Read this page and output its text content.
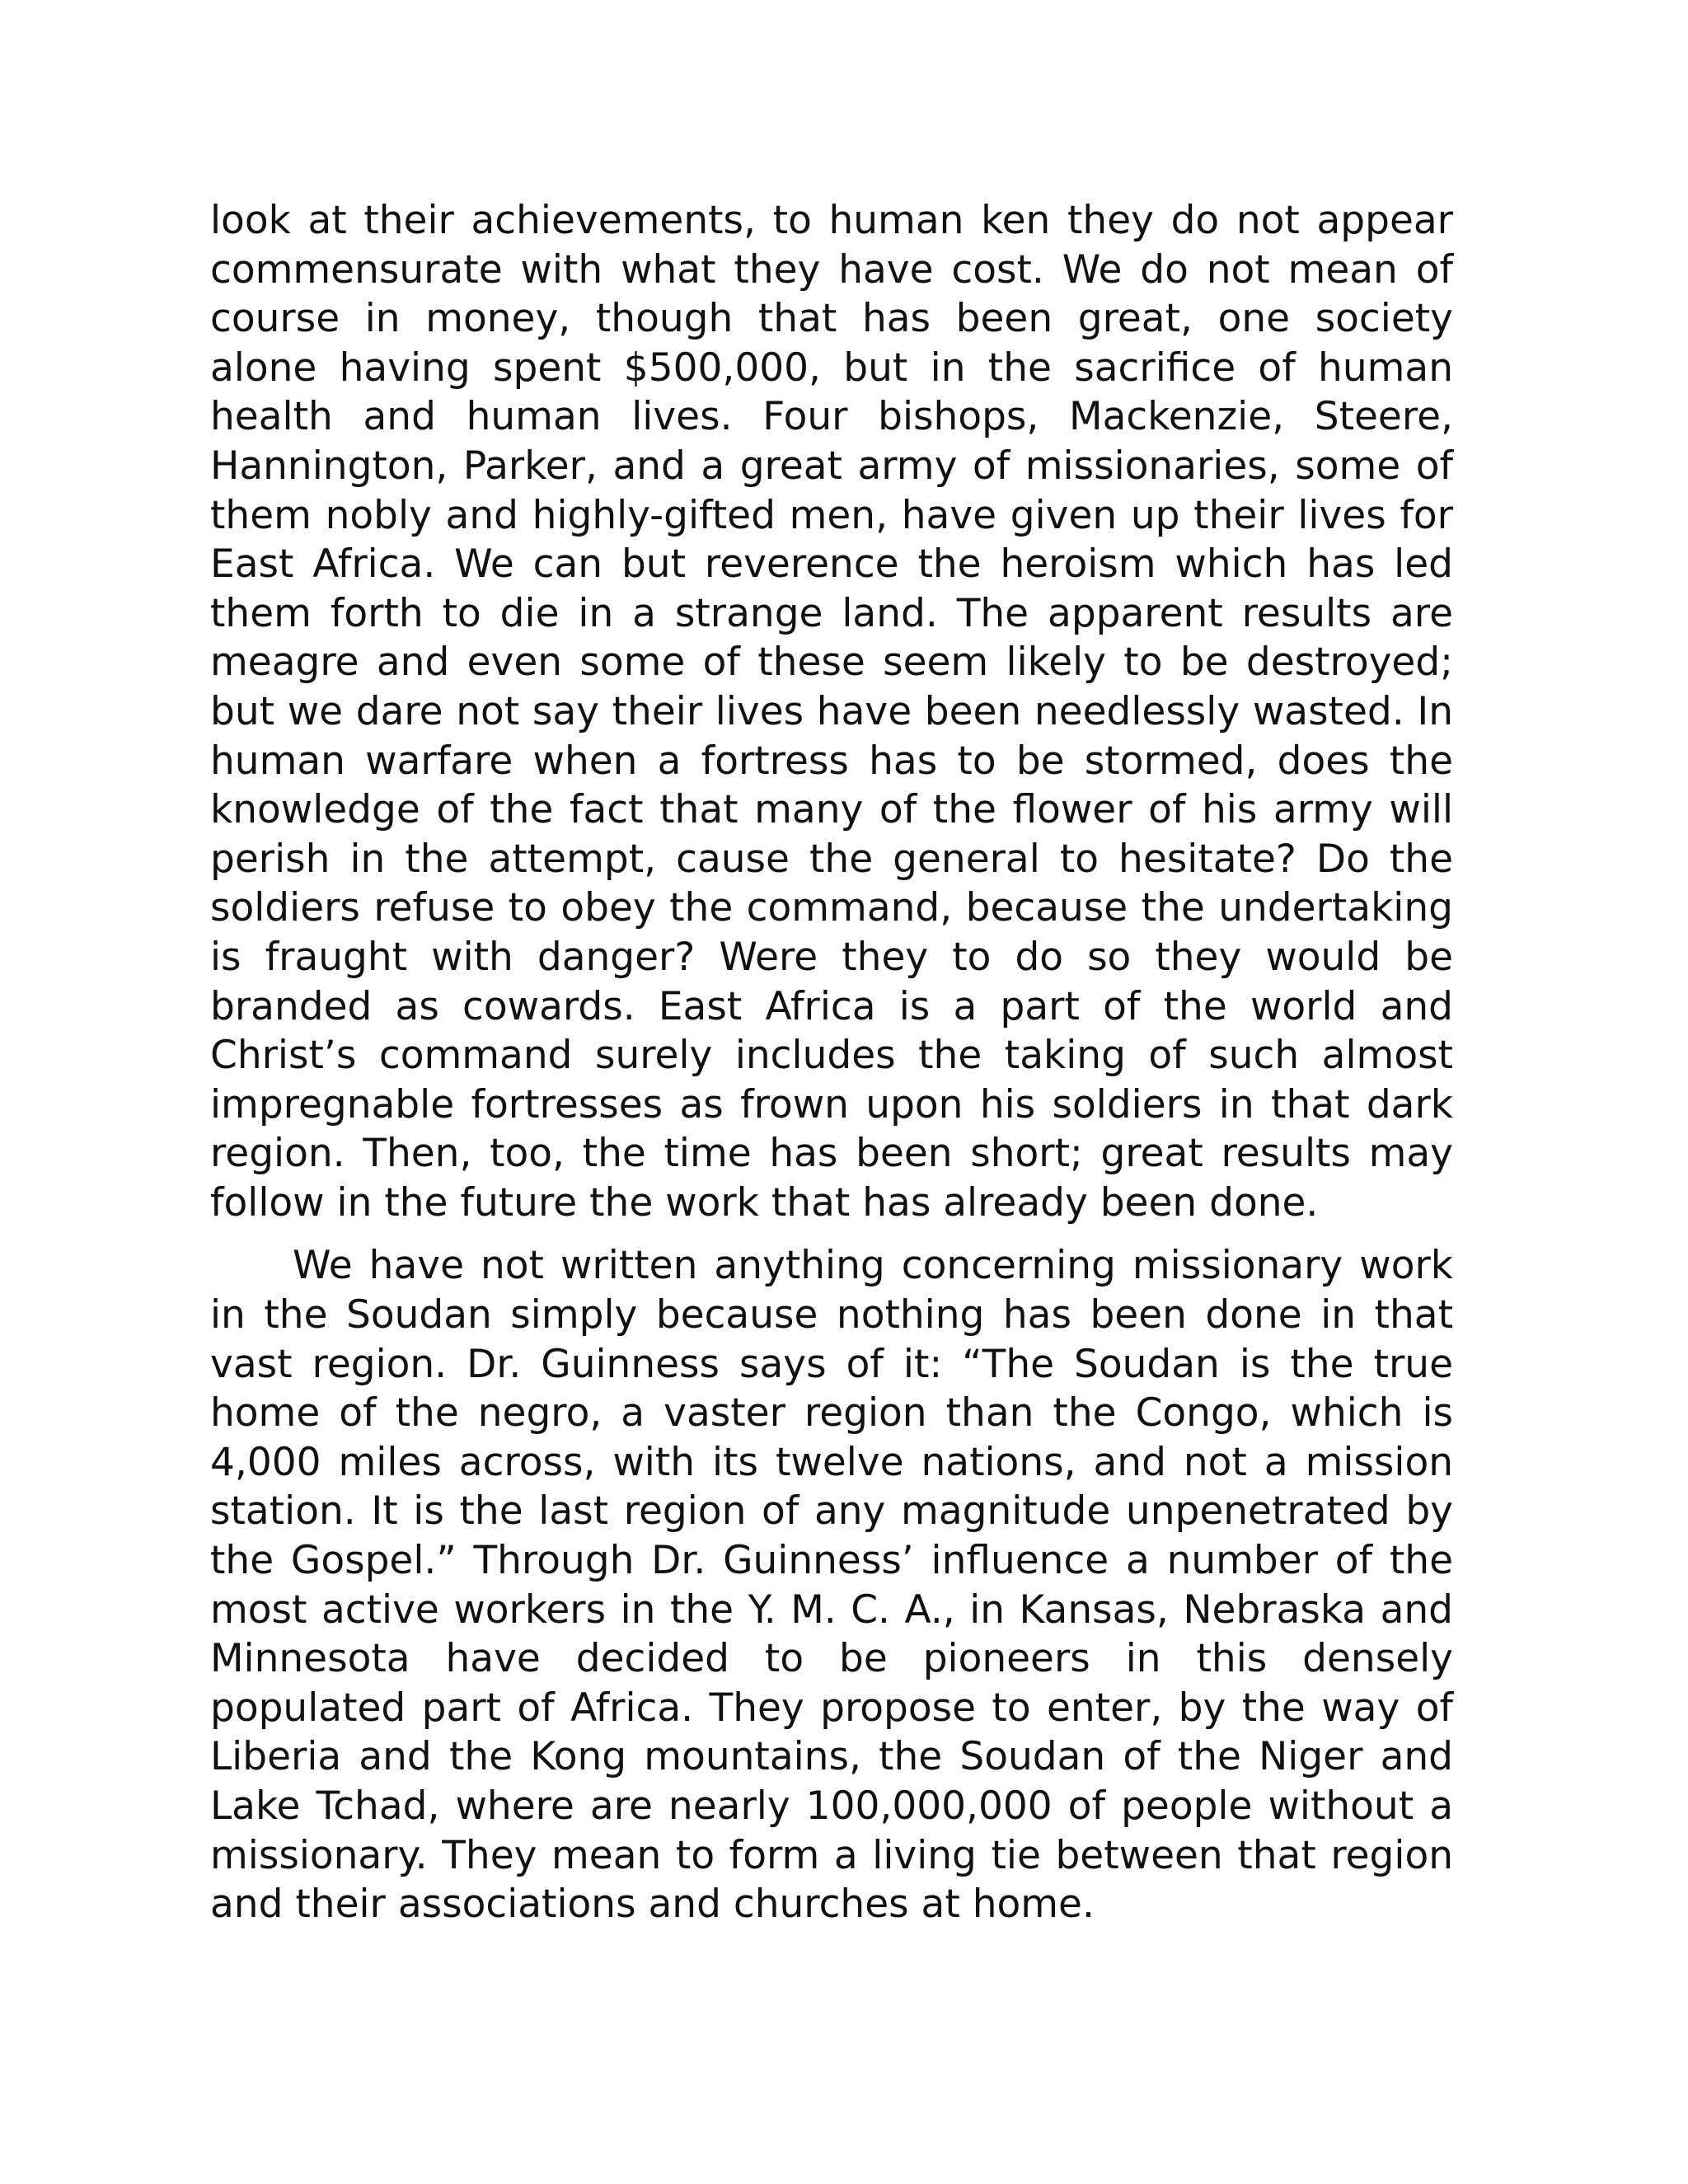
look at their achievements, to human ken they do not appear commensurate with what they have cost. We do not mean of course in money, though that has been great, one society alone having spent $500,000, but in the sacrifice of human health and human lives. Four bishops, Mackenzie, Steere, Hannington, Parker, and a great army of missionaries, some of them nobly and highly-gifted men, have given up their lives for East Africa. We can but reverence the heroism which has led them forth to die in a strange land. The apparent results are meagre and even some of these seem likely to be destroyed; but we dare not say their lives have been needlessly wasted. In human warfare when a fortress has to be stormed, does the knowledge of the fact that many of the flower of his army will perish in the attempt, cause the general to hesitate? Do the soldiers refuse to obey the command, because the undertaking is fraught with danger? Were they to do so they would be branded as cowards. East Africa is a part of the world and Christ’s command surely includes the taking of such almost impregnable fortresses as frown upon his soldiers in that dark region. Then, too, the time has been short; great results may follow in the future the work that has already been done.

We have not written anything concerning missionary work in the Soudan simply because nothing has been done in that vast region. Dr. Guinness says of it: “The Soudan is the true home of the negro, a vaster region than the Congo, which is 4,000 miles across, with its twelve nations, and not a mission station. It is the last region of any magnitude unpenetrated by the Gospel.” Through Dr. Guinness’ influence a number of the most active workers in the Y. M. C. A., in Kansas, Nebraska and Minnesota have decided to be pioneers in this densely populated part of Africa. They propose to enter, by the way of Liberia and the Kong mountains, the Soudan of the Niger and Lake Tchad, where are nearly 100,000,000 of people without a missionary. They mean to form a living tie between that region and their associations and churches at home.
